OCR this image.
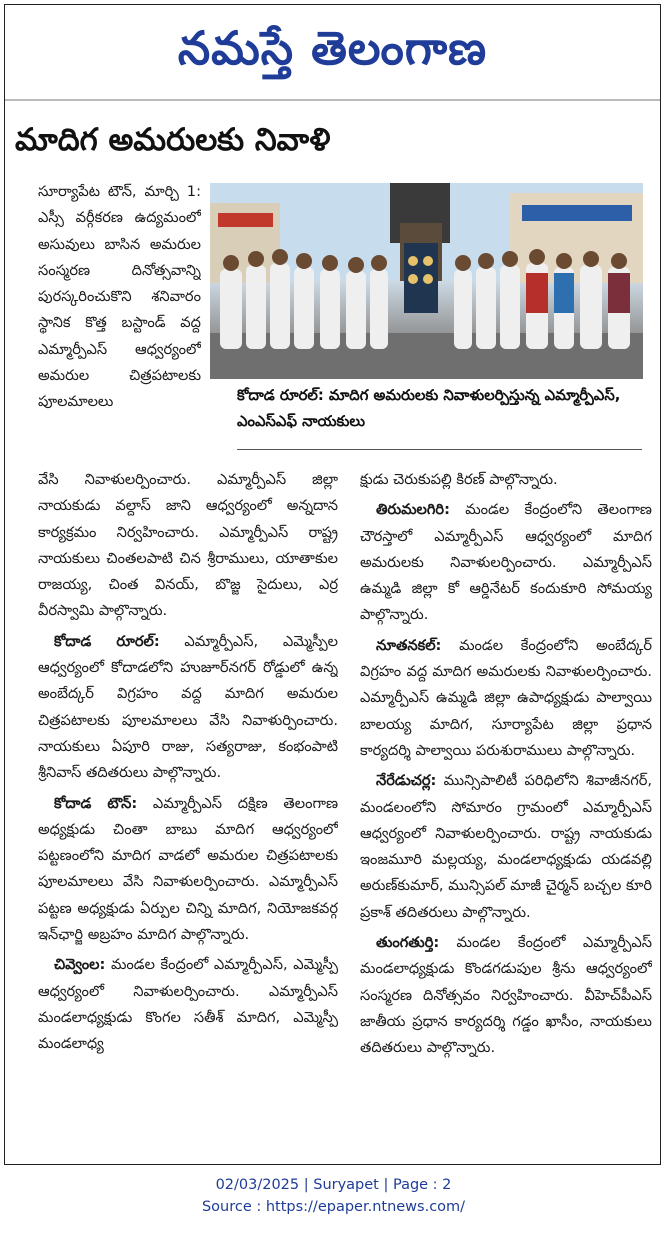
నమస్తే తెలంగాణ
మాదిగ అమరులకు నివాళి
సూర్యాపేట టౌన్, మార్చి 1: ఎస్సీ వర్గీకరణ ఉద్యమంలో అసువులు బాసిన అమరుల సంస్మరణ దినోత్సవాన్ని పురస్కరించుకొని శనివారం స్థానిక కొత్త బస్టాండ్ వద్ద ఎమ్మార్పీఎస్ ఆధ్వర్యంలో అమరుల చిత్రపటాలకు పూలమాలలు	కోదాడ రూరల్: మాదిగ అమరులకు నివాళులర్పిస్తున్న ఎమ్మార్పీఎస్, ఎంఎస్ఎఫ్ నాయకులు

వేసి నివాళులర్పించారు. ఎమ్మార్పీఎస్ జిల్లా నాయకుడు వల్దాస్ జాని ఆధ్వర్యంలో అన్నదాన కార్యక్రమం నిర్వహించారు. ఎమ్మార్పీఎస్ రాష్ట్ర నాయకులు చింతలపాటి చిన శ్రీరాములు, యాతాకుల రాజయ్య, చింత వినయ్, బొజ్జ సైదులు, ఎర్ర వీరస్వామి పాల్గొన్నారు.

కోదాడ రూరల్: ఎమ్మార్పీఎస్, ఎమ్మెస్పీల ఆధ్వర్యంలో కోదాడలోని హుజూర్‌నగర్ రోడ్డులో ఉన్న అంబేద్కర్ విగ్రహం వద్ద మాదిగ అమరుల చిత్రపటాలకు పూలమాలలు వేసి నివాళుర్పించారు. నాయకులు ఏపూరి రాజు, సత్యరాజు, కంభంపాటి శ్రీనివాస్ తదితరులు పాల్గొన్నారు.

కోదాడ టౌన్: ఎమ్మార్పీఎస్ దక్షిణ తెలంగాణ అధ్యక్షుడు చింతా బాబు మాదిగ ఆధ్వర్యంలో పట్టణంలోని మాదిగ వాడలో అమరుల చిత్రపటాలకు పూలమాలలు వేసి నివాళులర్పించారు. ఎమ్మార్పీఎస్ పట్టణ అధ్యక్షుడు ఏర్పుల చిన్ని మాదిగ, నియోజకవర్గ ఇన్‌ఛార్జి అబ్రహం మాదిగ పాల్గొన్నారు.

చివ్వెంల: మండల కేంద్రంలో ఎమ్మార్పీఎస్, ఎమ్మెస్పీ ఆధ్వర్యంలో నివాళులర్పించారు. ఎమ్మార్పీఎస్ మండలాధ్యక్షుడు కొంగల సతీశ్ మాదిగ, ఎమ్మెస్పీ మండలాధ్య

క్షుడు చెరుకుపల్లి కిరణ్ పాల్గొన్నారు.

తిరుమలగిరి: మండల కేంద్రంలోని తెలంగాణ చౌరస్తాలో ఎమ్మార్పీఎస్ ఆధ్వర్యంలో మాదిగ అమరులకు నివాళులర్పించారు. ఎమ్మార్పీఎస్ ఉమ్మడి జిల్లా కో ఆర్డినేటర్ కందుకూరి సోమయ్య పాల్గొన్నారు.

నూతనకల్: మండల కేంద్రంలోని అంబేద్కర్ విగ్రహం వద్ద మాదిగ అమరులకు నివాళులర్పించారు. ఎమ్మార్పీఎస్ ఉమ్మడి జిల్లా ఉపాధ్యక్షుడు పాల్వాయి బాలయ్య మాదిగ, సూర్యాపేట జిల్లా ప్రధాన కార్యదర్శి పాల్వాయి పరుశురాములు పాల్గొన్నారు.

నేరేడుచర్ల: మున్సిపాలిటీ పరిధిలోని శివాజీనగర్, మండలంలోని సోమారం గ్రామంలో ఎమ్మార్పీఎస్ ఆధ్వర్యంలో నివాళులర్పించారు. రాష్ట్ర నాయకుడు ఇంజమూరి మల్లయ్య, మండలాధ్యక్షుడు యడవల్లి అరుణ్‌కుమార్, మున్సిపల్ మాజీ చైర్మన్ బచ్చల కూరి ప్రకాశ్ తదితరులు పాల్గొన్నారు.

తుంగతుర్తి: మండల కేంద్రంలో ఎమ్మార్పీఎస్ మండలాధ్యక్షుడు కొండగడుపుల శ్రీను ఆధ్వర్యంలో సంస్మరణ దినోత్సవం నిర్వహించారు. వీహెచ్‌పీఎస్ జాతీయ ప్రధాన కార్యదర్శి గడ్డం ఖాసీం, నాయకులు తదితరులు పాల్గొన్నారు.

02/03/2025 | Suryapet | Page : 2
Source : https://epaper.ntnews.com/
